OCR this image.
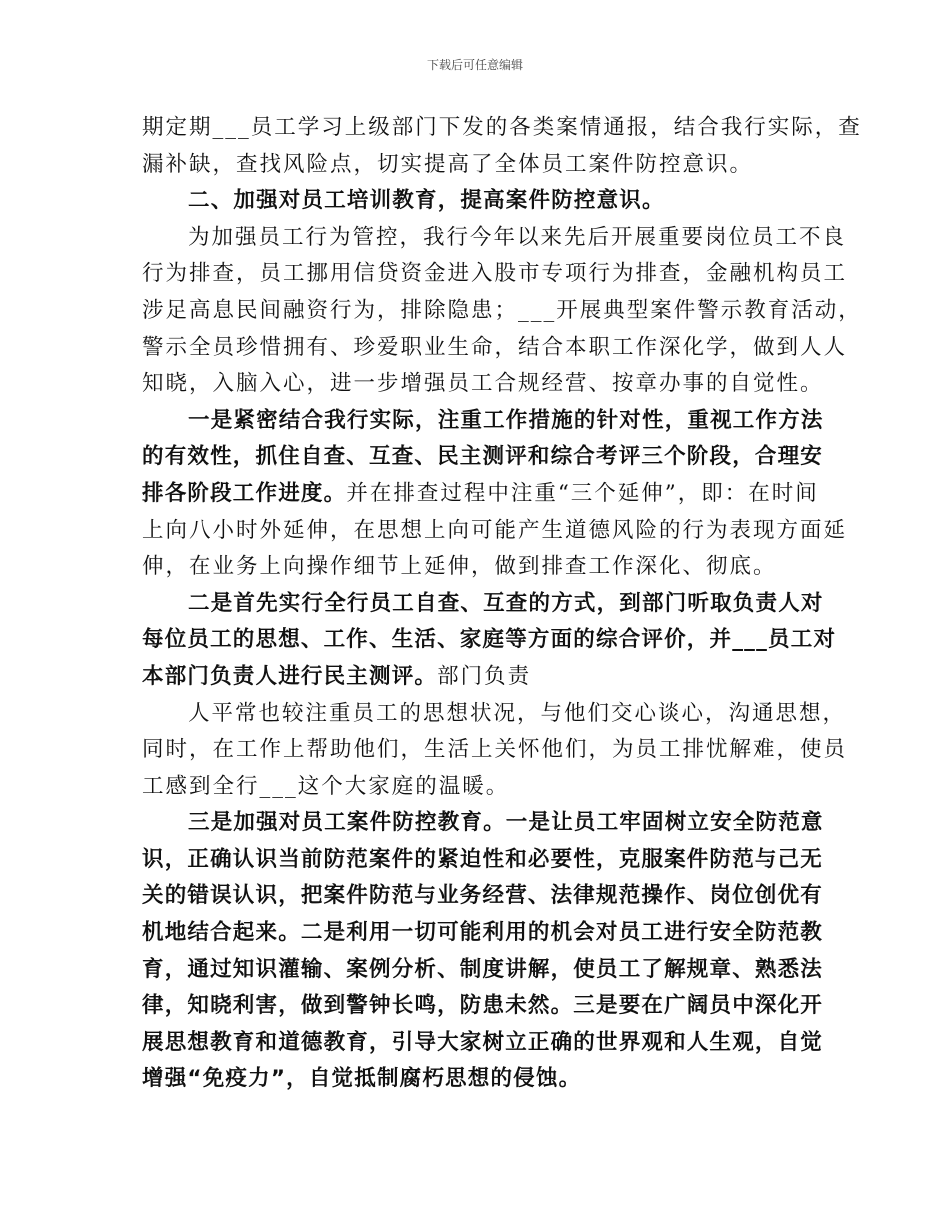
下载后可任意编辑
期定期___员工学习上级部门下发的各类案情通报，结合我行实际，查
漏补缺，查找风险点，切实提高了全体员工案件防控意识。
二、加强对员工培训教育，提高案件防控意识。
为加强员工行为管控，我行今年以来先后开展重要岗位员工不良
行为排查，员工挪用信贷资金进入股市专项行为排查，金融机构员工
涉足高息民间融资行为，排除隐患；___开展典型案件警示教育活动，
警示全员珍惜拥有、珍爱职业生命，结合本职工作深化学，做到人人
知晓，入脑入心，进一步增强员工合规经营、按章办事的自觉性。
一是紧密结合我行实际，注重工作措施的针对性，重视工作方法
的有效性，抓住自查、互查、民主测评和综合考评三个阶段，合理安
排各阶段工作进度。并在排查过程中注重“三个延伸”，即：在时间
上向八小时外延伸，在思想上向可能产生道德风险的行为表现方面延
伸，在业务上向操作细节上延伸，做到排查工作深化、彻底。
二是首先实行全行员工自查、互查的方式，到部门听取负责人对
每位员工的思想、工作、生活、家庭等方面的综合评价，并___员工对
本部门负责人进行民主测评。部门负责
人平常也较注重员工的思想状况，与他们交心谈心，沟通思想，
同时，在工作上帮助他们，生活上关怀他们，为员工排忧解难，使员
工感到全行___这个大家庭的温暖。
三是加强对员工案件防控教育。一是让员工牢固树立安全防范意
识，正确认识当前防范案件的紧迫性和必要性，克服案件防范与己无
关的错误认识，把案件防范与业务经营、法律规范操作、岗位创优有
机地结合起来。二是利用一切可能利用的机会对员工进行安全防范教
育，通过知识灌输、案例分析、制度讲解，使员工了解规章、熟悉法
律，知晓利害，做到警钟长鸣，防患未然。三是要在广阔员中深化开
展思想教育和道德教育，引导大家树立正确的世界观和人生观，自觉
增强“免疫力”，自觉抵制腐朽思想的侵蚀。
